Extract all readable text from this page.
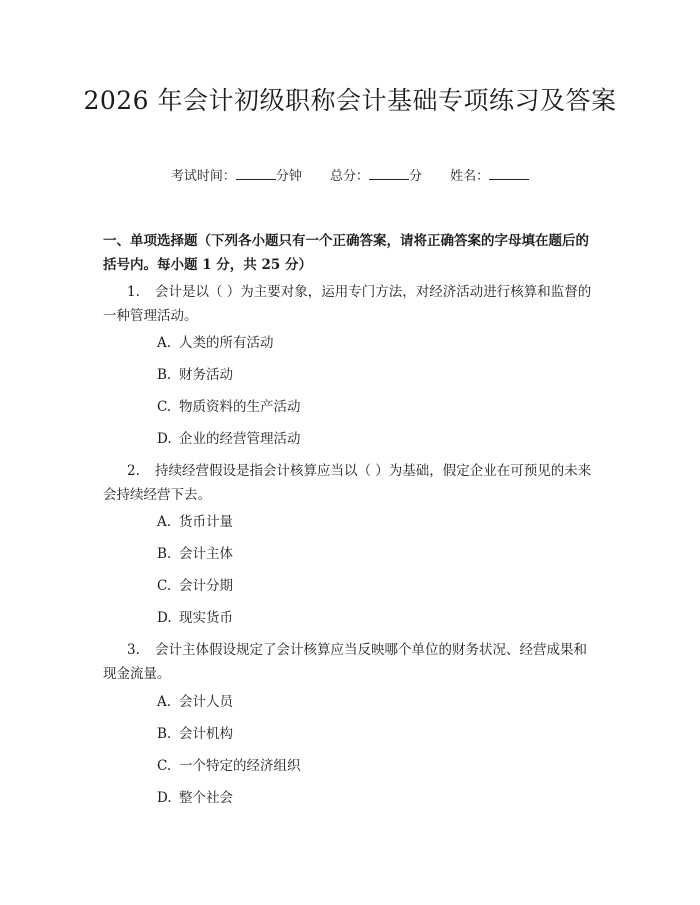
2026 年会计初级职称会计基础专项练习及答案
考试时间：	分钟 总分：	分 姓名：
一、单项选择题（下列各小题只有一个正确答案，请将正确答案的字母填在题后的括号内。每小题 1 分，共 25 分）
1. 会计是以（ ）为主要对象，运用专门方法，对经济活动进行核算和监督的一种管理活动。
A. 人类的所有活动
B. 财务活动
C. 物质资料的生产活动
D. 企业的经营管理活动
2. 持续经营假设是指会计核算应当以（ ）为基础，假定企业在可预见的未来会持续经营下去。
A. 货币计量
B. 会计主体
C. 会计分期
D. 现实货币
3. 会计主体假设规定了会计核算应当反映哪个单位的财务状况、经营成果和现金流量。
A. 会计人员
B. 会计机构
C. 一个特定的经济组织
D. 整个社会
